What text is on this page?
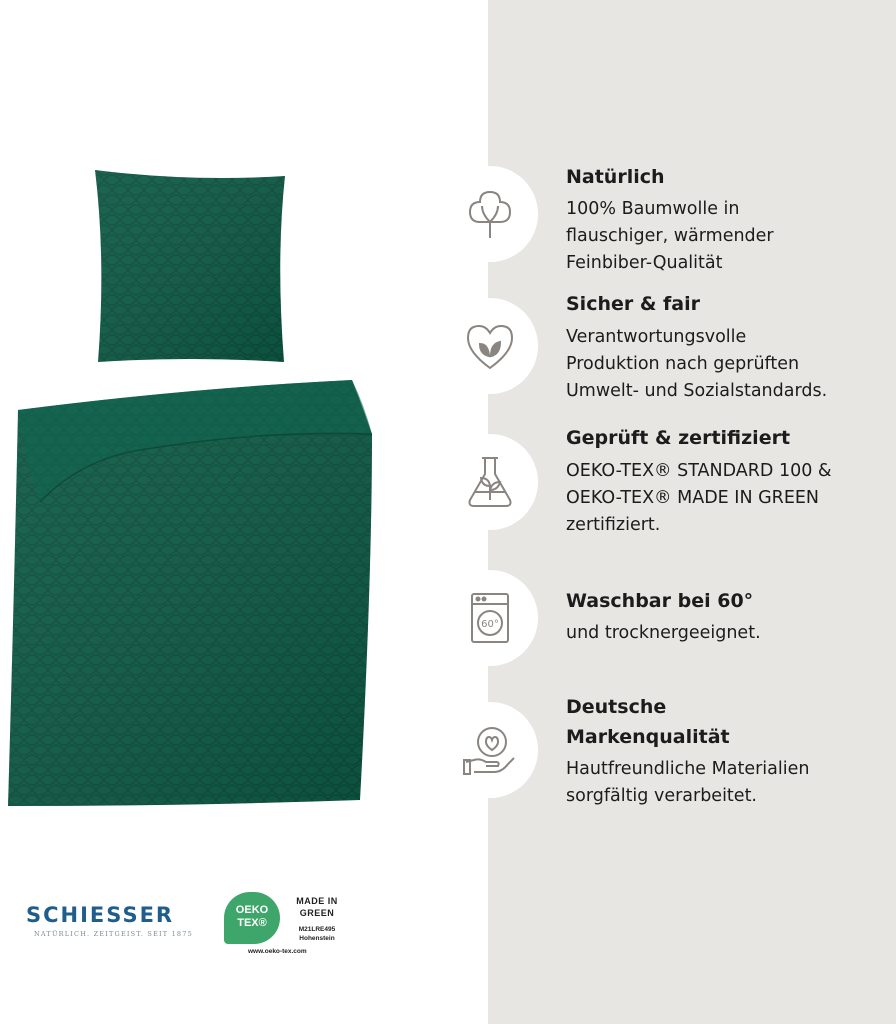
Natürlich
100% Baumwolle in
flauschiger, wärmender
Feinbiber-Qualität
Sicher & fair
Verantwortungsvolle
Produktion nach geprüften
Umwelt- und Sozialstandards.
Geprüft & zertifiziert
OEKO-TEX® STANDARD 100 &
OEKO-TEX® MADE IN GREEN
zertifiziert.
60°
Waschbar bei 60°
und trocknergeeignet.
Deutsche
Markenqualität
Hautfreundliche Materialien
sorgfältig verarbeitet.
SCHIESSER
NATÜRLICH. ZEITGEIST. SEIT 1875
OEKO
TEX®
MADE IN
GREEN
M21LRE495
Hohenstein
www.oeko-tex.com
